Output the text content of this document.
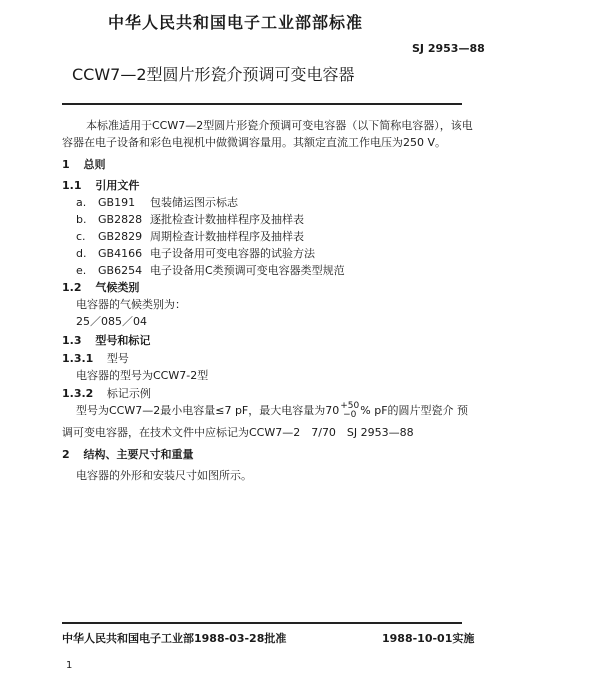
中华人民共和国电子工业部部标准
SJ 2953—88
CCW7—2型圆片形瓷介预调可变电容器
本标准适用于CCW7—2型圆片形瓷介预调可变电容器（以下简称电容器），该电
容器在电子设备和彩色电视机中做微调容量用。其额定直流工作电压为250 V。
1 总则
1.1 引用文件
a. GB191 包装储运图示标志
b. GB2828 逐批检查计数抽样程序及抽样表
c. GB2829 周期检查计数抽样程序及抽样表
d. GB4166 电子设备用可变电容器的试验方法
e. GB6254 电子设备用C类预调可变电容器类型规范
1.2 气候类别
电容器的气候类别为：
25／085／04
1.3 型号和标记
1.3.1 型号
电容器的型号为CCW7-2型
1.3.2 标记示例
型号为CCW7—2最小电容量≤7 pF，最大电容量为70 +50
−0 % pF的圆片型瓷介 预
调可变电容器，在技术文件中应标记为CCW7—2　7/70　SJ 2953—88
2 结构、主要尺寸和重量
电容器的外形和安装尺寸如图所示。
中华人民共和国电子工业部1988-03-28批准	1988-10-01实施
1
